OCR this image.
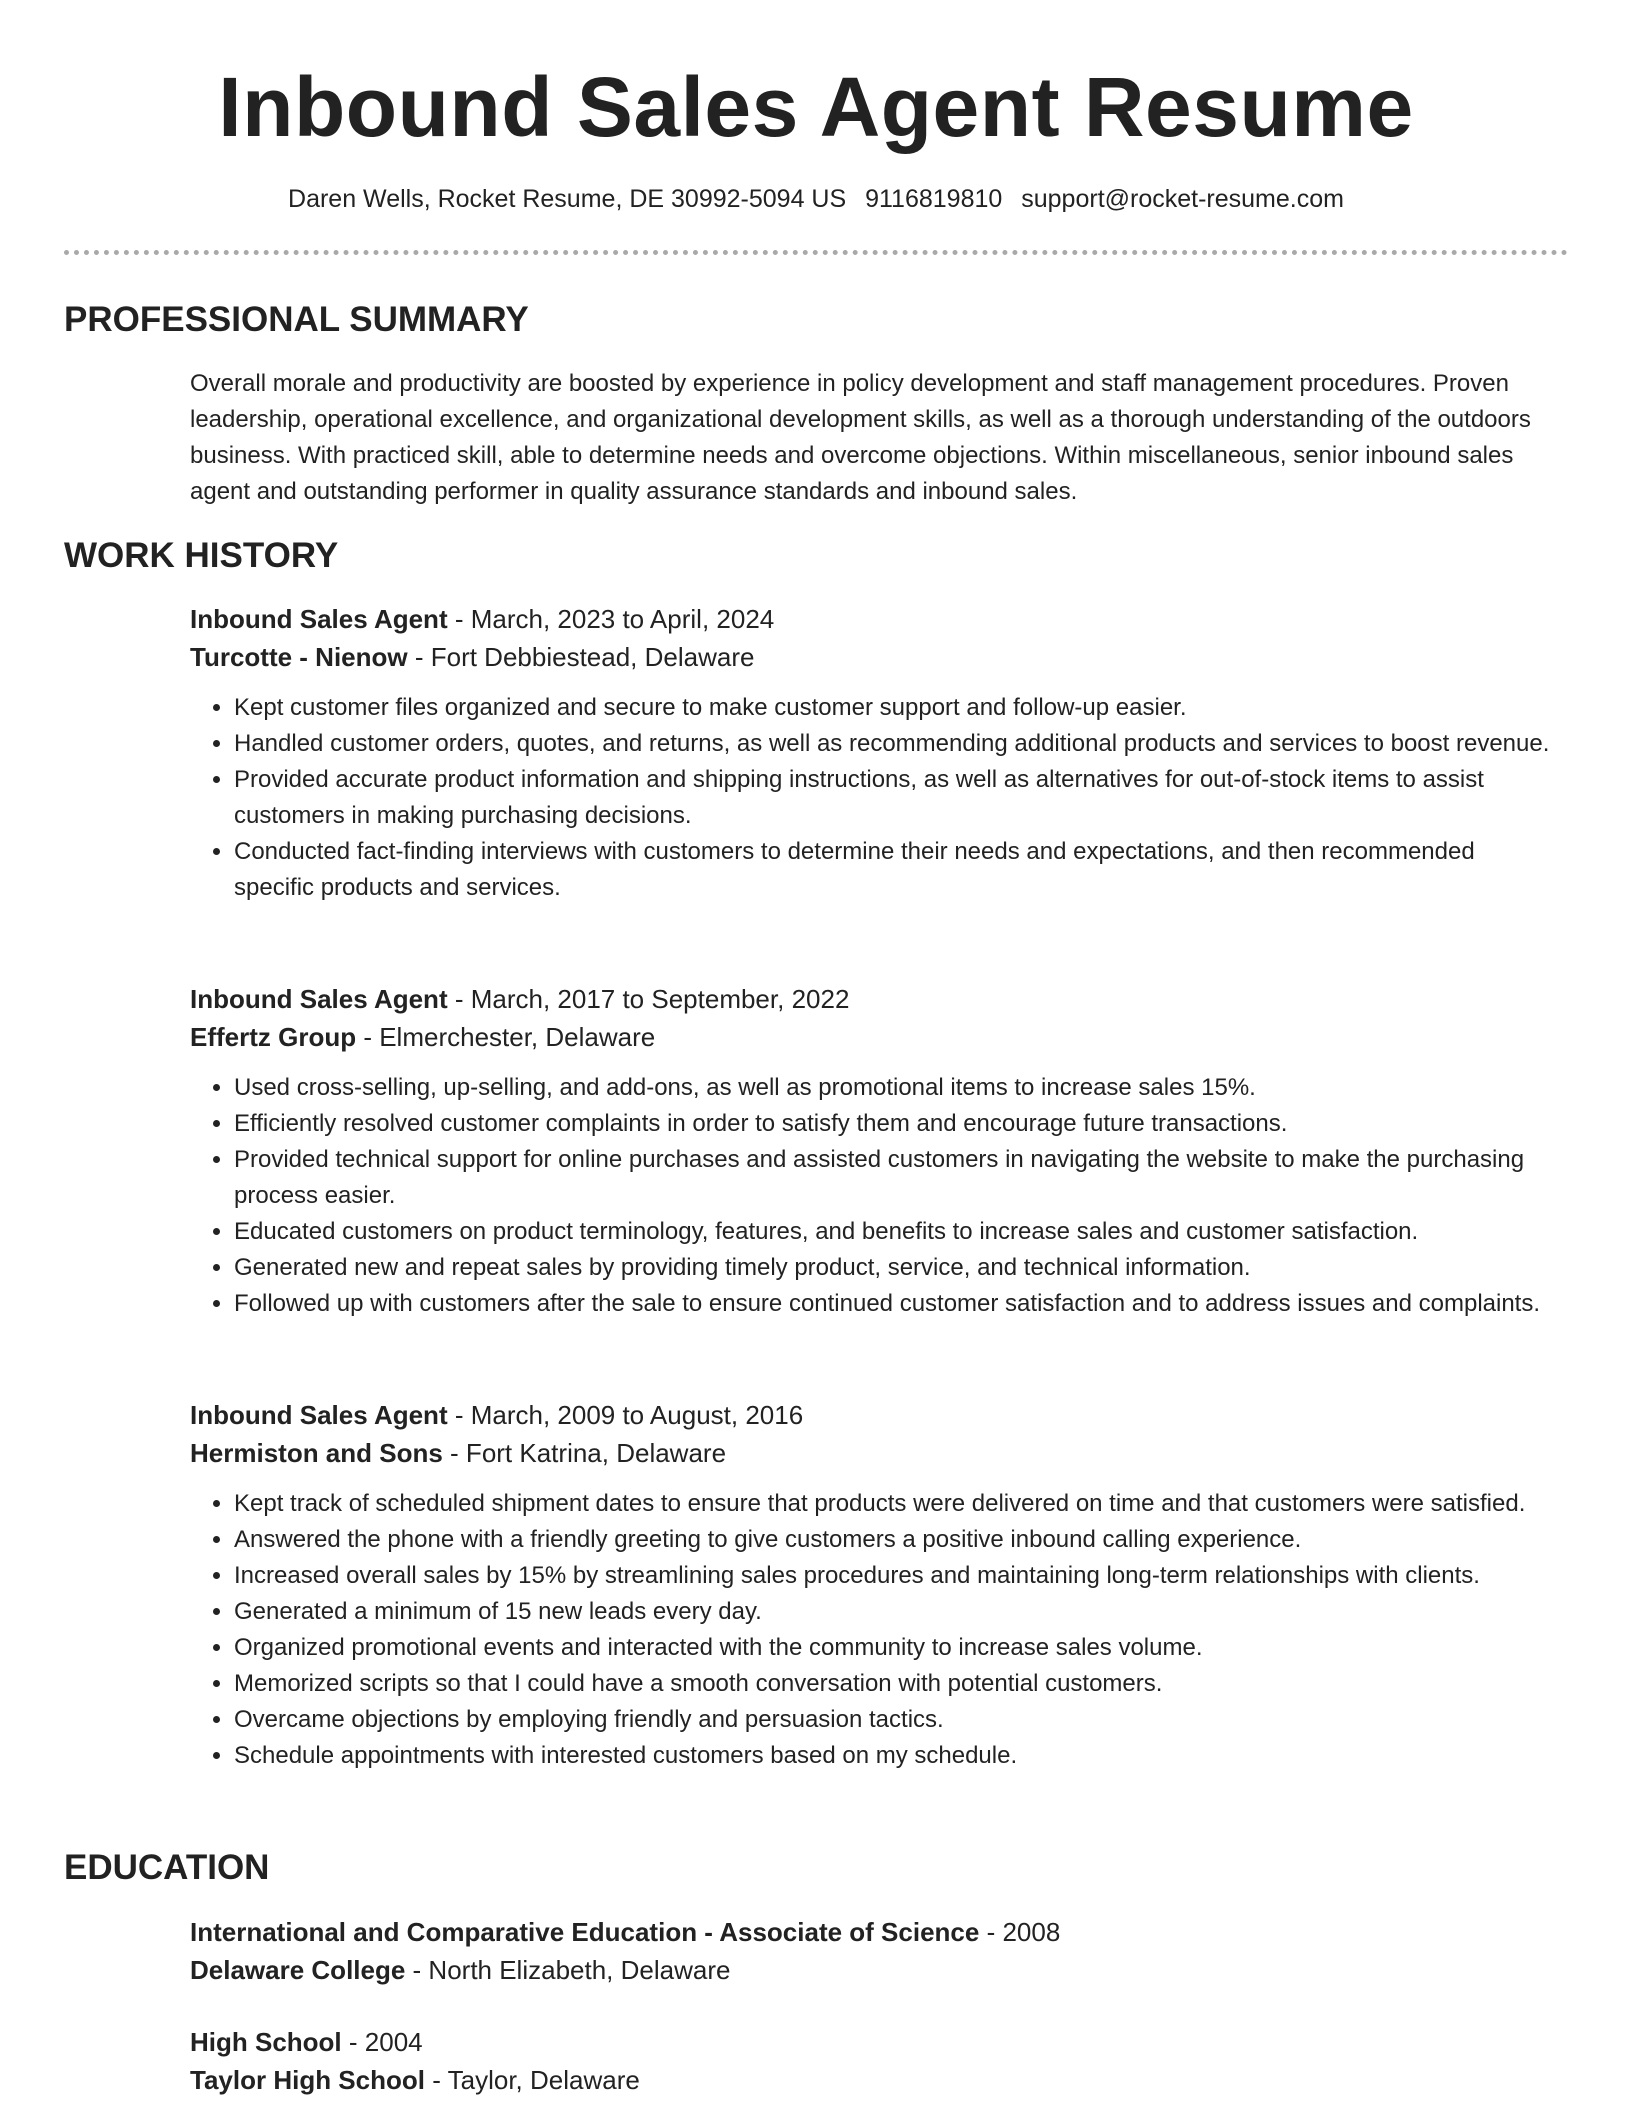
Inbound Sales Agent Resume
Daren Wells, Rocket Resume, DE 30992-5094 US 9116819810 support@rocket-resume.com
PROFESSIONAL SUMMARY

Overall morale and productivity are boosted by experience in policy development and staff management procedures. Proven leadership, operational excellence, and organizational development skills, as well as a thorough understanding of the outdoors business. With practiced skill, able to determine needs and overcome objections. Within miscellaneous, senior inbound sales agent and outstanding performer in quality assurance standards and inbound sales.

WORK HISTORY
Inbound Sales Agent - March, 2023 to April, 2024
Turcotte - Nienow - Fort Debbiestead, Delaware
• Kept customer files organized and secure to make customer support and follow-up easier.
• Handled customer orders, quotes, and returns, as well as recommending additional products and services to boost revenue.
• Provided accurate product information and shipping instructions, as well as alternatives for out-of-stock items to assist customers in making purchasing decisions.
• Conducted fact-finding interviews with customers to determine their needs and expectations, and then recommended specific products and services.
Inbound Sales Agent - March, 2017 to September, 2022
Effertz Group - Elmerchester, Delaware
• Used cross-selling, up-selling, and add-ons, as well as promotional items to increase sales 15%.
• Efficiently resolved customer complaints in order to satisfy them and encourage future transactions.
• Provided technical support for online purchases and assisted customers in navigating the website to make the purchasing process easier.
• Educated customers on product terminology, features, and benefits to increase sales and customer satisfaction.
• Generated new and repeat sales by providing timely product, service, and technical information.
• Followed up with customers after the sale to ensure continued customer satisfaction and to address issues and complaints.
Inbound Sales Agent - March, 2009 to August, 2016
Hermiston and Sons - Fort Katrina, Delaware
• Kept track of scheduled shipment dates to ensure that products were delivered on time and that customers were satisfied.
• Answered the phone with a friendly greeting to give customers a positive inbound calling experience.
• Increased overall sales by 15% by streamlining sales procedures and maintaining long-term relationships with clients.
• Generated a minimum of 15 new leads every day.
• Organized promotional events and interacted with the community to increase sales volume.
• Memorized scripts so that I could have a smooth conversation with potential customers.
• Overcame objections by employing friendly and persuasion tactics.
• Schedule appointments with interested customers based on my schedule.
EDUCATION
International and Comparative Education - Associate of Science - 2008
Delaware College - North Elizabeth, Delaware
High School - 2004
Taylor High School - Taylor, Delaware
